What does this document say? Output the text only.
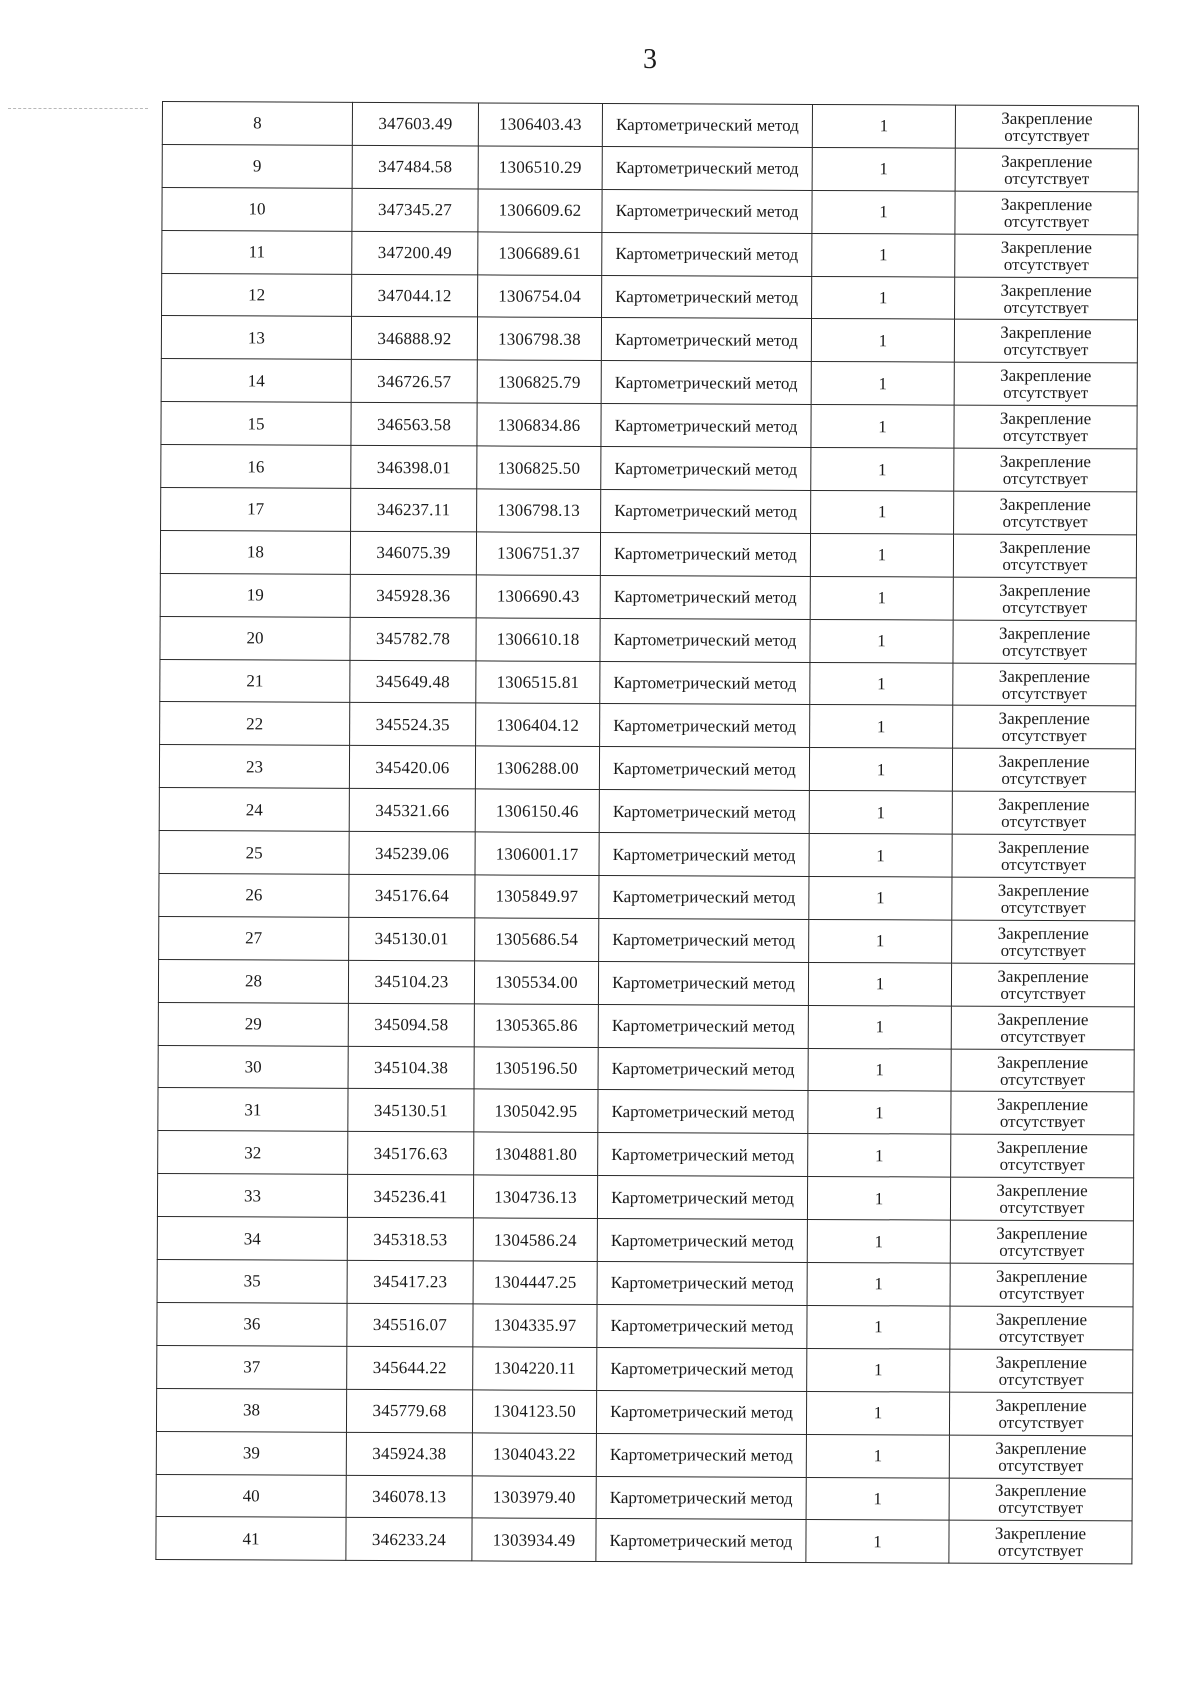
3
8	347603.49	1306403.43	Картометрический метод	1	Закрепление
отсутствует

9	347484.58	1306510.29	Картометрический метод	1	Закрепление
отсутствует

10	347345.27	1306609.62	Картометрический метод	1	Закрепление
отсутствует

11	347200.49	1306689.61	Картометрический метод	1	Закрепление
отсутствует

12	347044.12	1306754.04	Картометрический метод	1	Закрепление
отсутствует

13	346888.92	1306798.38	Картометрический метод	1	Закрепление
отсутствует

14	346726.57	1306825.79	Картометрический метод	1	Закрепление
отсутствует

15	346563.58	1306834.86	Картометрический метод	1	Закрепление
отсутствует

16	346398.01	1306825.50	Картометрический метод	1	Закрепление
отсутствует

17	346237.11	1306798.13	Картометрический метод	1	Закрепление
отсутствует

18	346075.39	1306751.37	Картометрический метод	1	Закрепление
отсутствует

19	345928.36	1306690.43	Картометрический метод	1	Закрепление
отсутствует

20	345782.78	1306610.18	Картометрический метод	1	Закрепление
отсутствует

21	345649.48	1306515.81	Картометрический метод	1	Закрепление
отсутствует

22	345524.35	1306404.12	Картометрический метод	1	Закрепление
отсутствует

23	345420.06	1306288.00	Картометрический метод	1	Закрепление
отсутствует

24	345321.66	1306150.46	Картометрический метод	1	Закрепление
отсутствует

25	345239.06	1306001.17	Картометрический метод	1	Закрепление
отсутствует

26	345176.64	1305849.97	Картометрический метод	1	Закрепление
отсутствует

27	345130.01	1305686.54	Картометрический метод	1	Закрепление
отсутствует

28	345104.23	1305534.00	Картометрический метод	1	Закрепление
отсутствует

29	345094.58	1305365.86	Картометрический метод	1	Закрепление
отсутствует

30	345104.38	1305196.50	Картометрический метод	1	Закрепление
отсутствует

31	345130.51	1305042.95	Картометрический метод	1	Закрепление
отсутствует

32	345176.63	1304881.80	Картометрический метод	1	Закрепление
отсутствует

33	345236.41	1304736.13	Картометрический метод	1	Закрепление
отсутствует

34	345318.53	1304586.24	Картометрический метод	1	Закрепление
отсутствует

35	345417.23	1304447.25	Картометрический метод	1	Закрепление
отсутствует

36	345516.07	1304335.97	Картометрический метод	1	Закрепление
отсутствует

37	345644.22	1304220.11	Картометрический метод	1	Закрепление
отсутствует

38	345779.68	1304123.50	Картометрический метод	1	Закрепление
отсутствует

39	345924.38	1304043.22	Картометрический метод	1	Закрепление
отсутствует

40	346078.13	1303979.40	Картометрический метод	1	Закрепление
отсутствует

41	346233.24	1303934.49	Картометрический метод	1	Закрепление
отсутствует
